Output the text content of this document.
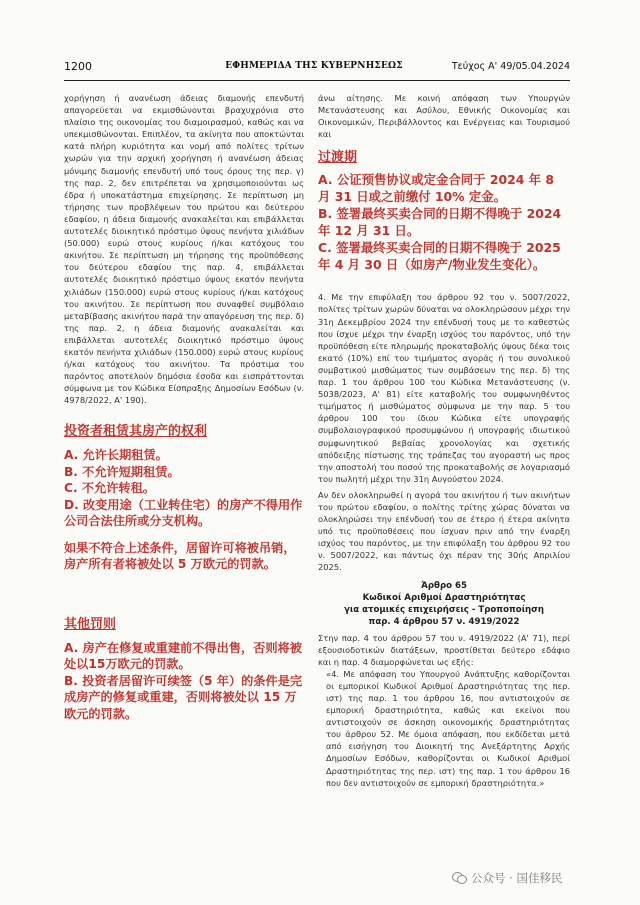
1200	ΕΦΗΜΕΡΙΔΑ ΤΗΣ ΚΥΒΕΡΝΗΣΕΩΣ	Τεύχος Α' 49/05.04.2024

χορήγηση ή ανανέωση άδειας διαμονής επενδυτή απαγορεύεται να εκμισθώνονται βραχυχρόνια στο πλαίσιο της οικονομίας του διαμοιρασμού, καθώς και να υπεκμισθώνονται. Επιπλέον, τα ακίνητα που αποκτώνται κατά πλήρη κυριότητα και νομή από πολίτες τρίτων χωρών για την αρχική χορήγηση ή ανανέωση άδειας μόνιμης διαμονής επενδυτή υπό τους όρους της περ. γ) της παρ. 2, δεν επιτρέπεται να χρησιμοποιούνται ως έδρα ή υποκατάστημα επιχείρησης. Σε περίπτωση μη τήρησης των προβλέψεων του πρώτου και δεύτερου εδαφίου, η άδεια διαμονής ανακαλείται και επιβάλλεται αυτοτελές διοικητικό πρόστιμο ύψους πενήντα χιλιάδων (50.000) ευρώ στους κυρίους ή/και κατόχους του ακινήτου. Σε περίπτωση μη τήρησης της προϋπόθεσης του δεύτερου εδαφίου της παρ. 4, επιβάλλεται αυτοτελές διοικητικό πρόστιμο ύψους εκατόν πενήντα χιλιάδων (150.000) ευρώ στους κυρίους ή/και κατόχους του ακινήτου. Σε περίπτωση που συναφθεί συμβόλαιο μεταβίβασης ακινήτου παρά την απαγόρευση της περ. δ) της παρ. 2, η άδεια διαμονής ανακαλείται και επιβάλλεται αυτοτελές διοικητικό πρόστιμο ύψους εκατόν πενήντα χιλιάδων (150.000) ευρώ στους κυρίους ή/και κατόχους του ακινήτου. Τα πρόστιμα του παρόντος αποτελούν δημόσια έσοδα και εισπράττονται σύμφωνα με τον Κώδικα Είσπραξης Δημοσίων Εσόδων (ν. 4978/2022, Α' 190).

投资者租赁其房产的权利

A. 允许长期租赁。

B. 不允许短期租赁。

C. 不允许转租。

D. 改变用途（工业转住宅）的房产不得用作公司合法住所或分支机构。

如果不符合上述条件，居留许可将被吊销，房产所有者将被处以 5 万欧元的罚款。

其他罚则

A. 房产在修复或重建前不得出售，否则将被处以15万欧元的罚款。

B. 投资者居留许可续签（5 年）的条件是完成房产的修复或重建，否则将被处以 15 万欧元的罚款。

άνω αίτησης. Με κοινή απόφαση των Υπουργών Μετανάστευσης και Ασύλου, Εθνικής Οικονομίας και Οικονομικών, Περιβάλλοντος και Ενέργειας και Τουρισμού και

过渡期

A. 公证预售协议或定金合同于 2024 年 8 月 31 日或之前缴付 10% 定金。

B. 签署最终买卖合同的日期不得晚于 2024 年 12 月 31 日。

C. 签署最终买卖合同的日期不得晚于 2025 年 4 月 30 日（如房产/物业发生变化）。

4. Με την επιφύλαξη του άρθρου 92 του ν. 5007/2022, πολίτες τρίτων χωρών δύναται να ολοκληρώσουν μέχρι την 31η Δεκεμβρίου 2024 την επένδυσή τους με το καθεστώς που ίσχυε μέχρι την έναρξη ισχύος του παρόντος, υπό την προϋπόθεση είτε πληρωμής προκαταβολής ύψους δέκα τοις εκατό (10%) επί του τιμήματος αγοράς ή του συνολικού συμβατικού μισθώματος των συμβάσεων της περ. δ) της παρ. 1 του άρθρου 100 του Κώδικα Μετανάστευσης (ν. 5038/2023, Α' 81) είτε καταβολής του συμφωνηθέντος τιμήματος ή μισθώματος σύμφωνα με την παρ. 5 του άρθρου 100 του ίδιου Κώδικα είτε υπογραφής συμβολαιογραφικού προσυμφώνου ή υπογραφής ιδιωτικού συμφωνητικού βεβαίας χρονολογίας και σχετικής απόδειξης πίστωσης της τράπεζας του αγοραστή ως προς την αποστολή του ποσού της προκαταβολής σε λογαριασμό του πωλητή μέχρι την 31η Αυγούστου 2024.

Αν δεν ολοκληρωθεί η αγορά του ακινήτου ή των ακινήτων του πρώτου εδαφίου, ο πολίτης τρίτης χώρας δύναται να ολοκληρώσει την επένδυσή του σε έτερο ή έτερα ακίνητα υπό τις προϋποθέσεις που ίσχυαν πριν από την έναρξη ισχύος του παρόντος, με την επιφύλαξη του άρθρου 92 του ν. 5007/2022, και πάντως όχι πέραν της 30ής Απριλίου 2025.

Άρθρο 65
Κωδικοί Αριθμοί Δραστηριότητας
για ατομικές επιχειρήσεις - Τροποποίηση
παρ. 4 άρθρου 57 ν. 4919/2022

Στην παρ. 4 του άρθρου 57 του ν. 4919/2022 (Α' 71), περί εξουσιοδοτικών διατάξεων, προστίθεται δεύτερο εδάφιο και η παρ. 4 διαμορφώνεται ως εξής:

«4. Με απόφαση του Υπουργού Ανάπτυξης καθορίζονται οι εμπορικοί Κωδικοί Αριθμοί Δραστηριότητας της περ. ιστ) της παρ. 1 του άρθρου 16, που αντιστοιχούν σε εμπορική δραστηριότητα, καθώς και εκείνοι που αντιστοιχούν σε άσκηση οικονομικής δραστηριότητας του άρθρου 52. Με όμοια απόφαση, που εκδίδεται μετά από εισήγηση του Διοικητή της Ανεξάρτητης Αρχής Δημοσίων Εσόδων, καθορίζονται οι Κωδικοί Αριθμοί Δραστηριότητας της περ. ιστ) της παρ. 1 του άρθρου 16 που δεν αντιστοιχούν σε εμπορική δραστηριότητα.»

公众号 · 国佳移民
